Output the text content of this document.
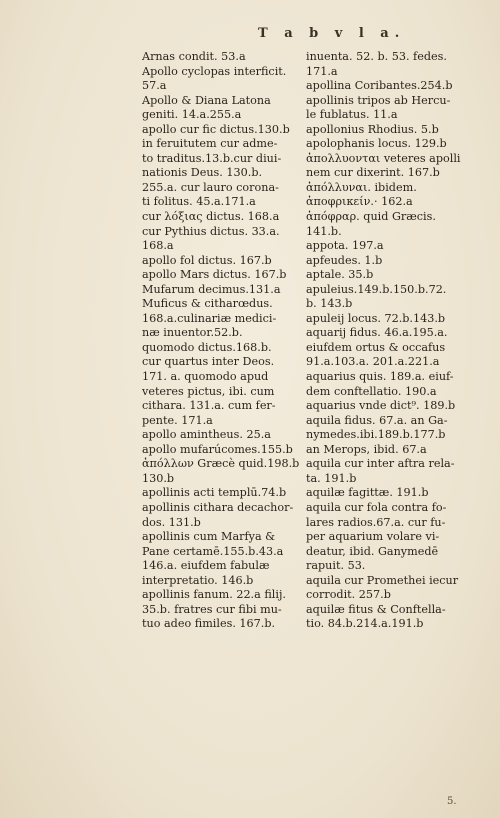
T a b v l a.
Arnas condit. 53.a
Apollo cyclopas interficit.
57.a
Apollo & Diana Latona
geniti. 14.a.255.a
apollo cur fic dictus.130.b
in feruitutem cur adme-
to traditus.13.b.cur diui-
nationis Deus. 130.b.
255.a. cur lauro corona-
ti folitus. 45.a.171.a
cur λόξιας dictus. 168.a
cur Pythius dictus. 33.a.
168.a
apollo fol dictus. 167.b
apollo Mars dictus. 167.b
Mufarum decimus.131.a
Muficus & citharœdus.
168.a.culinariæ medici-
næ inuentor.52.b.
quomodo dictus.168.b.
cur quartus inter Deos.
171. a. quomodo apud
veteres pictus, ibi. cum
cithara. 131.a. cum fer-
pente. 171.a
apollo amintheus. 25.a
apollo mufarúcomes.155.b
ἀπόλλων Græcè quid.198.b
130.b
apollinis acti templū.74.b
apollinis cithara decachor-
dos. 131.b
apollinis cum Marfya &
Pane certamē.155.b.43.a
146.a. eiufdem fabulæ
interpretatio. 146.b
apollinis fanum. 22.a filij.
35.b. fratres cur fibi mu-
tuo adeo fimiles. 167.b.
inuenta. 52. b. 53. fedes.
171.a
apollina Coribantes.254.b
apollinis tripos ab Hercu-
le fublatus. 11.a
apollonius Rhodius. 5.b
apolophanis locus. 129.b
ἀπολλυονται veteres apolli
nem cur dixerint. 167.b
ἀπόλλυναι. ibidem.
ἀποφρικείν.· 162.a
ἀπόφραρ. quid Græcis.
141.b.
appota. 197.a
apfeudes. 1.b
aptale. 35.b
apuleius.149.b.150.b.72.
b. 143.b
apuleij locus. 72.b.143.b
aquarij fidus. 46.a.195.a.
eiufdem ortus & occafus
91.a.103.a. 201.a.221.a
aquarius quis. 189.a. eiuf-
dem conftellatio. 190.a
aquarius vnde dict⁹. 189.b
aquila fidus. 67.a. an Ga-
nymedes.ibi.189.b.177.b
an Merops, ibid. 67.a
aquila cur inter aftra rela-
ta. 191.b
aquilæ fagittæ. 191.b
aquila cur fola contra fo-
lares radios.67.a. cur fu-
per aquarium volare vi-
deatur, ibid. Ganymedē
rapuit. 53.
aquila cur Promethei iecur
corrodit. 257.b
aquilæ fitus & Conftella-
tio. 84.b.214.a.191.b
5.
